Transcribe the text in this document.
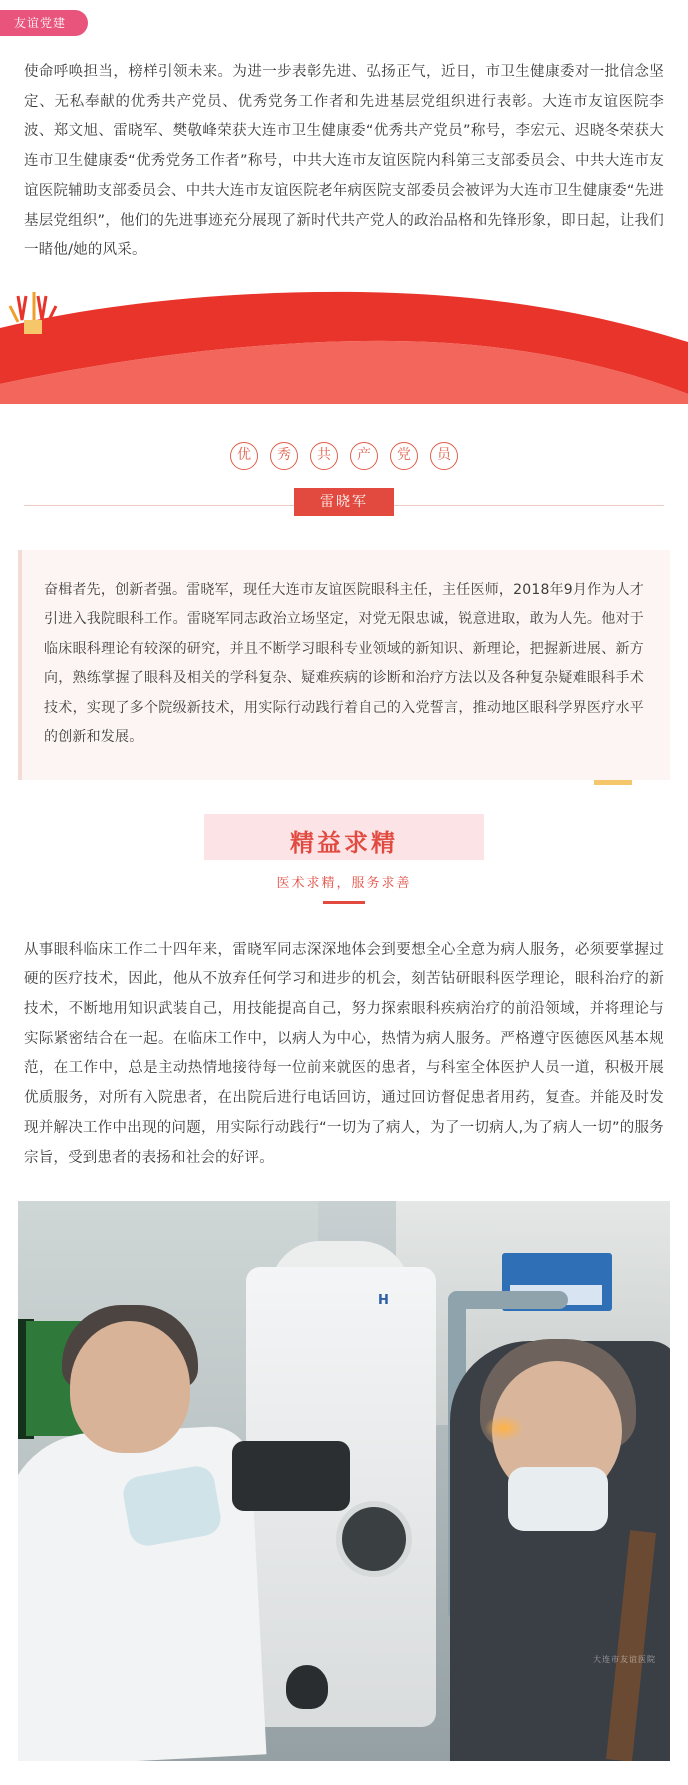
友谊党建

使命呼唤担当，榜样引领未来。为进一步表彰先进、弘扬正气，近日，市卫生健康委对一批信念坚定、无私奉献的优秀共产党员、优秀党务工作者和先进基层党组织进行表彰。大连市友谊医院李波、郑文旭、雷晓军、樊敬峰荣获大连市卫生健康委“优秀共产党员”称号，李宏元、迟晓冬荣获大连市卫生健康委“优秀党务工作者”称号，中共大连市友谊医院内科第三支部委员会、中共大连市友谊医院辅助支部委员会、中共大连市友谊医院老年病医院支部委员会被评为大连市卫生健康委“先进基层党组织”，他们的先进事迹充分展现了新时代共产党人的政治品格和先锋形象，即日起，让我们一睹他/她的风采。

优	秀	共	产	党	员
雷晓军

奋楫者先，创新者强。雷晓军，现任大连市友谊医院眼科主任，主任医师，2018年9月作为人才引进入我院眼科工作。雷晓军同志政治立场坚定，对党无限忠诚，锐意进取，敢为人先。他对于临床眼科理论有较深的研究，并且不断学习眼科专业领域的新知识、新理论，把握新进展、新方向，熟练掌握了眼科及相关的学科复杂、疑难疾病的诊断和治疗方法以及各种复杂疑难眼科手术技术，实现了多个院级新技术，用实际行动践行着自己的入党誓言，推动地区眼科学界医疗水平的创新和发展。

精益求精
医术求精，服务求善

从事眼科临床工作二十四年来，雷晓军同志深深地体会到要想全心全意为病人服务，必须要掌握过硬的医疗技术，因此，他从不放弃任何学习和进步的机会，刻苦钻研眼科医学理论，眼科治疗的新技术，不断地用知识武装自己，用技能提高自己，努力探索眼科疾病治疗的前沿领域，并将理论与实际紧密结合在一起。在临床工作中，以病人为中心，热情为病人服务。严格遵守医德医风基本规范，在工作中，总是主动热情地接待每一位前来就医的患者，与科室全体医护人员一道，积极开展优质服务，对所有入院患者，在出院后进行电话回访，通过回访督促患者用药，复查。并能及时发现并解决工作中出现的问题，用实际行动践行“一切为了病人，为了一切病人,为了病人一切”的服务宗旨，受到患者的表扬和社会的好评。

H
大连市友谊医院
